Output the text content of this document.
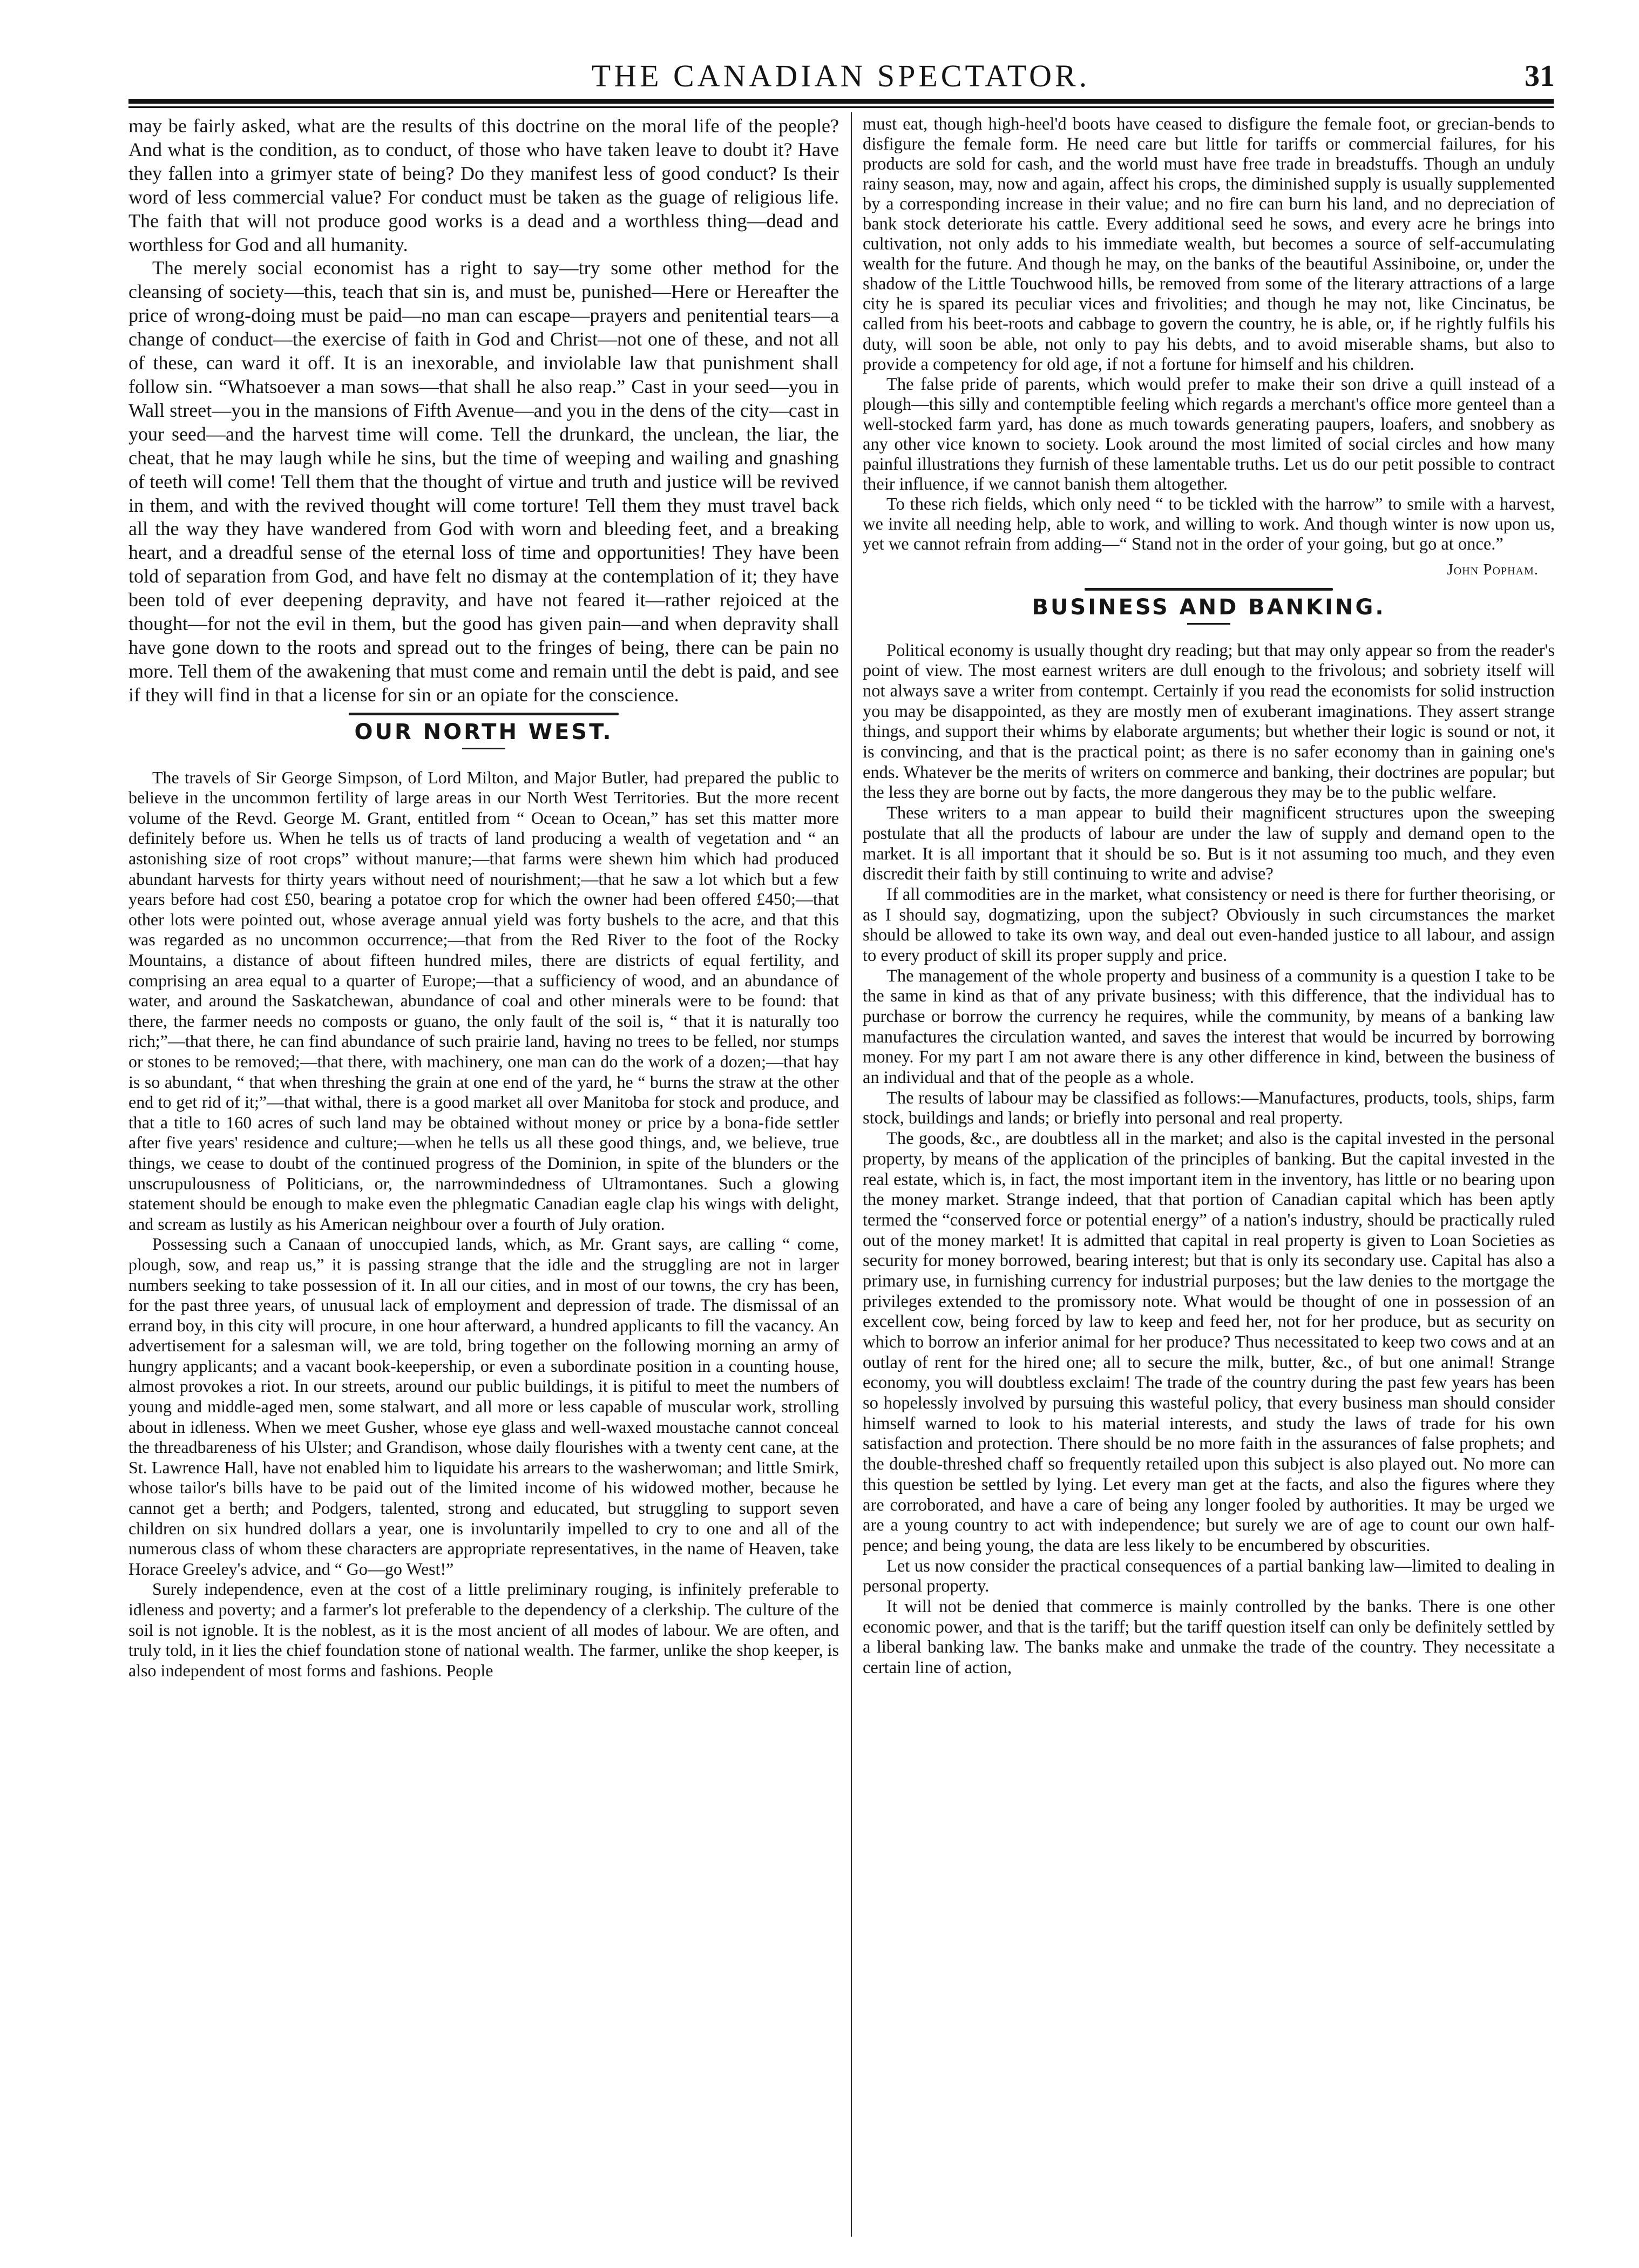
THE CANADIAN SPECTATOR.	31

may be fairly asked, what are the results of this doctrine on the moral life of the people? And what is the condition, as to conduct, of those who have taken leave to doubt it? Have they fallen into a grimyer state of being? Do they manifest less of good conduct? Is their word of less commercial value? For conduct must be taken as the guage of religious life. The faith that will not produce good works is a dead and a worthless thing—dead and worthless for God and all humanity.

The merely social economist has a right to say—try some other method for the cleansing of society—this, teach that sin is, and must be, punished—Here or Hereafter the price of wrong-doing must be paid—no man can escape—prayers and penitential tears—a change of conduct—the exercise of faith in God and Christ—not one of these, and not all of these, can ward it off. It is an inexorable, and inviolable law that punishment shall follow sin. “Whatsoever a man sows—that shall he also reap.” Cast in your seed—you in Wall street—you in the mansions of Fifth Avenue—and you in the dens of the city—cast in your seed—and the harvest time will come. Tell the drunkard, the unclean, the liar, the cheat, that he may laugh while he sins, but the time of weeping and wailing and gnashing of teeth will come! Tell them that the thought of virtue and truth and justice will be revived in them, and with the revived thought will come torture! Tell them they must travel back all the way they have wandered from God with worn and bleeding feet, and a breaking heart, and a dreadful sense of the eternal loss of time and opportunities! They have been told of separation from God, and have felt no dismay at the contemplation of it; they have been told of ever deepening depravity, and have not feared it—rather rejoiced at the thought—for not the evil in them, but the good has given pain—and when depravity shall have gone down to the roots and spread out to the fringes of being, there can be pain no more. Tell them of the awakening that must come and remain until the debt is paid, and see if they will find in that a license for sin or an opiate for the conscience.

OUR NORTH WEST.

The travels of Sir George Simpson, of Lord Milton, and Major Butler, had prepared the public to believe in the uncommon fertility of large areas in our North West Territories. But the more recent volume of the Revd. George M. Grant, entitled from “ Ocean to Ocean,” has set this matter more definitely before us. When he tells us of tracts of land producing a wealth of vegetation and “ an astonishing size of root crops” without manure;—that farms were shewn him which had produced abundant harvests for thirty years without need of nourishment;—that he saw a lot which but a few years before had cost £50, bearing a potatoe crop for which the owner had been offered £450;—that other lots were pointed out, whose average annual yield was forty bushels to the acre, and that this was regarded as no uncommon occurrence;—that from the Red River to the foot of the Rocky Mountains, a distance of about fifteen hundred miles, there are districts of equal fertility, and comprising an area equal to a quarter of Europe;—that a sufficiency of wood, and an abundance of water, and around the Saskatchewan, abundance of coal and other minerals were to be found: that there, the farmer needs no composts or guano, the only fault of the soil is, “ that it is naturally too rich;”—that there, he can find abundance of such prairie land, having no trees to be felled, nor stumps or stones to be removed;—that there, with machinery, one man can do the work of a dozen;—that hay is so abundant, “ that when threshing the grain at one end of the yard, he “ burns the straw at the other end to get rid of it;”—that withal, there is a good market all over Manitoba for stock and produce, and that a title to 160 acres of such land may be obtained without money or price by a bona-fide settler after five years' residence and culture;—when he tells us all these good things, and, we believe, true things, we cease to doubt of the continued progress of the Dominion, in spite of the blunders or the unscrupulousness of Politicians, or, the narrowmindedness of Ultramontanes. Such a glowing statement should be enough to make even the phlegmatic Canadian eagle clap his wings with delight, and scream as lustily as his American neighbour over a fourth of July oration.

Possessing such a Canaan of unoccupied lands, which, as Mr. Grant says, are calling “ come, plough, sow, and reap us,” it is passing strange that the idle and the struggling are not in larger numbers seeking to take possession of it. In all our cities, and in most of our towns, the cry has been, for the past three years, of unusual lack of employment and depression of trade. The dismissal of an errand boy, in this city will procure, in one hour afterward, a hundred applicants to fill the vacancy. An advertisement for a salesman will, we are told, bring together on the following morning an army of hungry applicants; and a vacant book-keepership, or even a subordinate position in a counting house, almost provokes a riot. In our streets, around our public buildings, it is pitiful to meet the numbers of young and middle-aged men, some stalwart, and all more or less capable of muscular work, strolling about in idleness. When we meet Gusher, whose eye glass and well-waxed moustache cannot conceal the threadbareness of his Ulster; and Grandison, whose daily flourishes with a twenty cent cane, at the St. Lawrence Hall, have not enabled him to liquidate his arrears to the washerwoman; and little Smirk, whose tailor's bills have to be paid out of the limited income of his widowed mother, because he cannot get a berth; and Podgers, talented, strong and educated, but struggling to support seven children on six hundred dollars a year, one is involuntarily impelled to cry to one and all of the numerous class of whom these characters are appropriate representatives, in the name of Heaven, take Horace Greeley's advice, and “ Go—go West!”

Surely independence, even at the cost of a little preliminary rouging, is infinitely preferable to idleness and poverty; and a farmer's lot preferable to the dependency of a clerkship. The culture of the soil is not ignoble. It is the noblest, as it is the most ancient of all modes of labour. We are often, and truly told, in it lies the chief foundation stone of national wealth. The farmer, unlike the shop keeper, is also independent of most forms and fashions. People

must eat, though high-heel'd boots have ceased to disfigure the female foot, or grecian-bends to disfigure the female form. He need care but little for tariffs or commercial failures, for his products are sold for cash, and the world must have free trade in breadstuffs. Though an unduly rainy season, may, now and again, affect his crops, the diminished supply is usually supplemented by a corresponding increase in their value; and no fire can burn his land, and no depreciation of bank stock deteriorate his cattle. Every additional seed he sows, and every acre he brings into cultivation, not only adds to his immediate wealth, but becomes a source of self-accumulating wealth for the future. And though he may, on the banks of the beautiful Assiniboine, or, under the shadow of the Little Touchwood hills, be removed from some of the literary attractions of a large city he is spared its peculiar vices and frivolities; and though he may not, like Cincinatus, be called from his beet-roots and cabbage to govern the country, he is able, or, if he rightly fulfils his duty, will soon be able, not only to pay his debts, and to avoid miserable shams, but also to provide a competency for old age, if not a fortune for himself and his children.

The false pride of parents, which would prefer to make their son drive a quill instead of a plough—this silly and contemptible feeling which regards a merchant's office more genteel than a well-stocked farm yard, has done as much towards generating paupers, loafers, and snobbery as any other vice known to society. Look around the most limited of social circles and how many painful illustrations they furnish of these lamentable truths. Let us do our petit possible to contract their influence, if we cannot banish them altogether.

To these rich fields, which only need “ to be tickled with the harrow” to smile with a harvest, we invite all needing help, able to work, and willing to work. And though winter is now upon us, yet we cannot refrain from adding—“ Stand not in the order of your going, but go at once.”

John Popham.

BUSINESS AND BANKING.

Political economy is usually thought dry reading; but that may only appear so from the reader's point of view. The most earnest writers are dull enough to the frivolous; and sobriety itself will not always save a writer from contempt. Certainly if you read the economists for solid instruction you may be disappointed, as they are mostly men of exuberant imaginations. They assert strange things, and support their whims by elaborate arguments; but whether their logic is sound or not, it is convincing, and that is the practical point; as there is no safer economy than in gaining one's ends. Whatever be the merits of writers on commerce and banking, their doctrines are popular; but the less they are borne out by facts, the more dangerous they may be to the public welfare.

These writers to a man appear to build their magnificent structures upon the sweeping postulate that all the products of labour are under the law of supply and demand open to the market. It is all important that it should be so. But is it not assuming too much, and they even discredit their faith by still continuing to write and advise?

If all commodities are in the market, what consistency or need is there for further theorising, or as I should say, dogmatizing, upon the subject? Obviously in such circumstances the market should be allowed to take its own way, and deal out even-handed justice to all labour, and assign to every product of skill its proper supply and price.

The management of the whole property and business of a community is a question I take to be the same in kind as that of any private business; with this difference, that the individual has to purchase or borrow the currency he requires, while the community, by means of a banking law manufactures the circulation wanted, and saves the interest that would be incurred by borrowing money. For my part I am not aware there is any other difference in kind, between the business of an individual and that of the people as a whole.

The results of labour may be classified as follows:—Manufactures, products, tools, ships, farm stock, buildings and lands; or briefly into personal and real property.

The goods, &c., are doubtless all in the market; and also is the capital invested in the personal property, by means of the application of the principles of banking. But the capital invested in the real estate, which is, in fact, the most important item in the inventory, has little or no bearing upon the money market. Strange indeed, that that portion of Canadian capital which has been aptly termed the “conserved force or potential energy” of a nation's industry, should be practically ruled out of the money market! It is admitted that capital in real property is given to Loan Societies as security for money borrowed, bearing interest; but that is only its secondary use. Capital has also a primary use, in furnishing currency for industrial purposes; but the law denies to the mortgage the privileges extended to the promissory note. What would be thought of one in possession of an excellent cow, being forced by law to keep and feed her, not for her produce, but as security on which to borrow an inferior animal for her produce? Thus necessitated to keep two cows and at an outlay of rent for the hired one; all to secure the milk, butter, &c., of but one animal! Strange economy, you will doubtless exclaim! The trade of the country during the past few years has been so hopelessly involved by pursuing this wasteful policy, that every business man should consider himself warned to look to his material interests, and study the laws of trade for his own satisfaction and protection. There should be no more faith in the assurances of false prophets; and the double-threshed chaff so frequently retailed upon this subject is also played out. No more can this question be settled by lying. Let every man get at the facts, and also the figures where they are corroborated, and have a care of being any longer fooled by authorities. It may be urged we are a young country to act with independence; but surely we are of age to count our own half-pence; and being young, the data are less likely to be encumbered by obscurities.

Let us now consider the practical consequences of a partial banking law—limited to dealing in personal property.

It will not be denied that commerce is mainly controlled by the banks. There is one other economic power, and that is the tariff; but the tariff question itself can only be definitely settled by a liberal banking law. The banks make and unmake the trade of the country. They necessitate a certain line of action,
